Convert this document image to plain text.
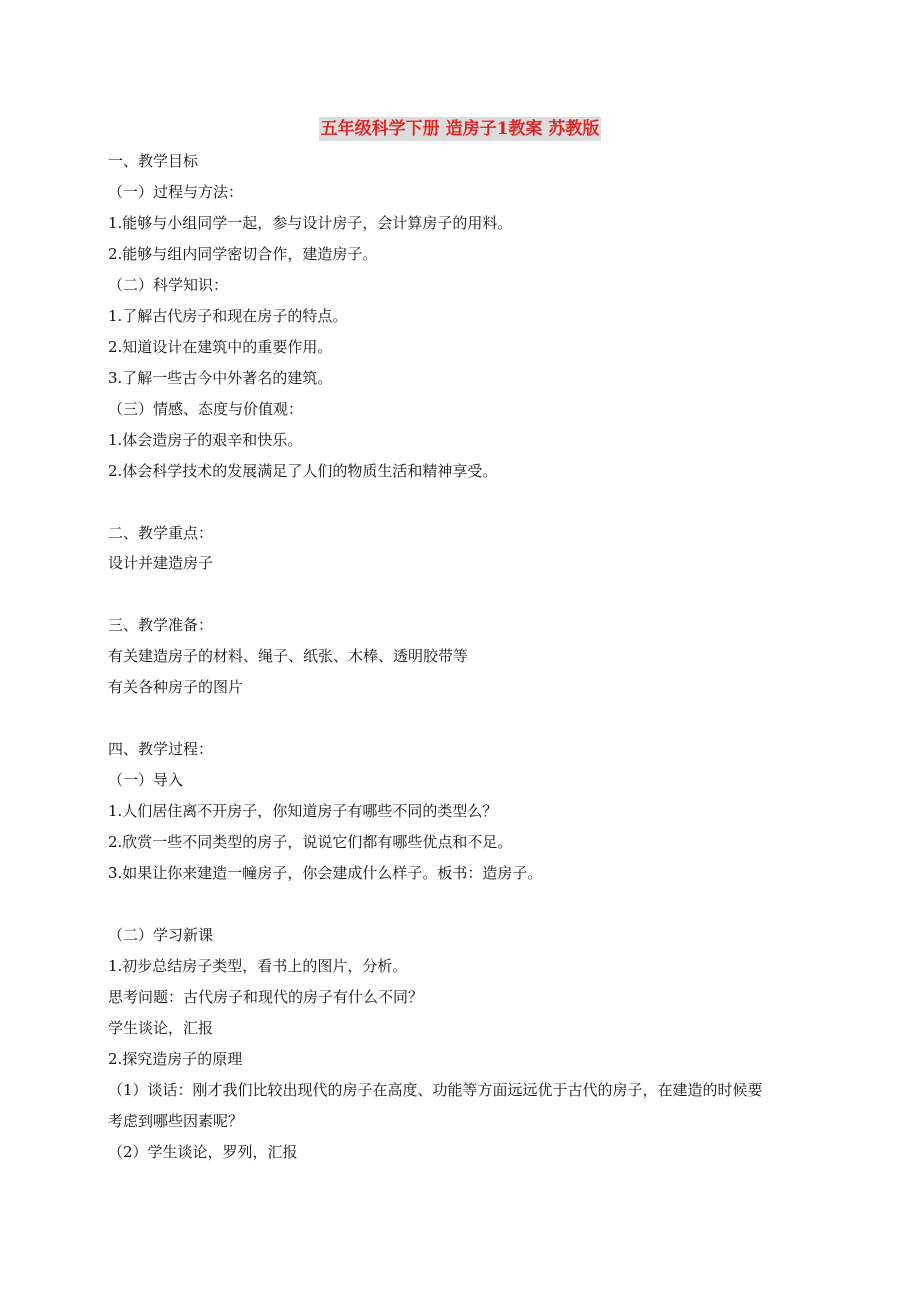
五年级科学下册 造房子1教案 苏教版
一、教学目标
（一）过程与方法：
1.能够与小组同学一起，参与设计房子，会计算房子的用料。
2.能够与组内同学密切合作，建造房子。
（二）科学知识：
1.了解古代房子和现在房子的特点。
2.知道设计在建筑中的重要作用。
3.了解一些古今中外著名的建筑。
（三）情感、态度与价值观：
1.体会造房子的艰辛和快乐。
2.体会科学技术的发展满足了人们的物质生活和精神享受。
二、教学重点：
设计并建造房子
三、教学准备：
有关建造房子的材料、绳子、纸张、木棒、透明胶带等
有关各种房子的图片
四、教学过程：
（一）导入
1.人们居住离不开房子，你知道房子有哪些不同的类型么？
2.欣赏一些不同类型的房子，说说它们都有哪些优点和不足。
3.如果让你来建造一幢房子，你会建成什么样子。板书：造房子。
（二）学习新课
1.初步总结房子类型，看书上的图片，分析。
思考问题：古代房子和现代的房子有什么不同？
学生谈论，汇报
2.探究造房子的原理
（1）谈话：刚才我们比较出现代的房子在高度、功能等方面远远优于古代的房子，在建造的时候要
考虑到哪些因素呢？
（2）学生谈论，罗列，汇报
